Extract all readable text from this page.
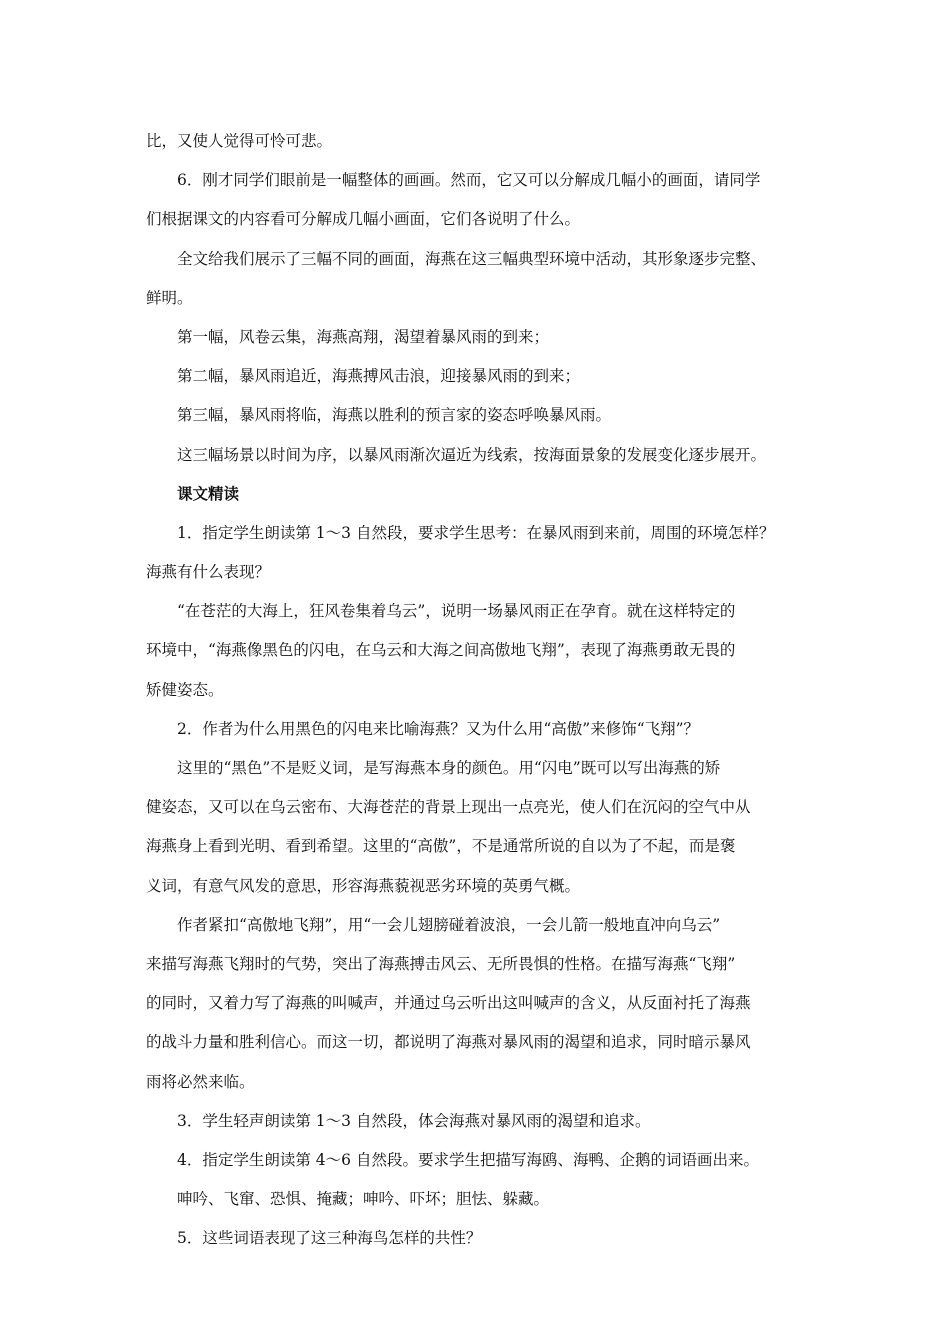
比，又使人觉得可怜可悲。
6．刚才同学们眼前是一幅整体的画画。然而，它又可以分解成几幅小的画面，请同学
们根据课文的内容看可分解成几幅小画面，它们各说明了什么。
全文给我们展示了三幅不同的画面，海燕在这三幅典型环境中活动，其形象逐步完整、
鲜明。
第一幅，风卷云集，海燕高翔，渴望着暴风雨的到来；
第二幅，暴风雨追近，海燕搏风击浪，迎接暴风雨的到来；
第三幅，暴风雨将临，海燕以胜利的预言家的姿态呼唤暴风雨。
这三幅场景以时间为序，以暴风雨渐次逼近为线索，按海面景象的发展变化逐步展开。
课文精读
1．指定学生朗读第 1～3 自然段，要求学生思考：在暴风雨到来前，周围的环境怎样？
海燕有什么表现？
“在苍茫的大海上，狂风卷集着乌云”，说明一场暴风雨正在孕育。就在这样特定的
环境中，“海燕像黑色的闪电，在乌云和大海之间高傲地飞翔”，表现了海燕勇敢无畏的
矫健姿态。
2．作者为什么用黑色的闪电来比喻海燕？又为什么用“高傲”来修饰“飞翔”？
这里的“黑色”不是贬义词，是写海燕本身的颜色。用“闪电”既可以写出海燕的矫
健姿态，又可以在乌云密布、大海苍茫的背景上现出一点亮光，使人们在沉闷的空气中从
海燕身上看到光明、看到希望。这里的“高傲”，不是通常所说的自以为了不起，而是褒
义词，有意气风发的意思，形容海燕藐视恶劣环境的英勇气概。
作者紧扣“高傲地飞翔”，用“一会儿翅膀碰着波浪，一会儿箭一般地直冲向乌云”
来描写海燕飞翔时的气势，突出了海燕搏击风云、无所畏惧的性格。在描写海燕“飞翔”
的同时，又着力写了海燕的叫喊声，并通过乌云听出这叫喊声的含义，从反面衬托了海燕
的战斗力量和胜利信心。而这一切，都说明了海燕对暴风雨的渴望和追求，同时暗示暴风
雨将必然来临。
3．学生轻声朗读第 1～3 自然段，体会海燕对暴风雨的渴望和追求。
4．指定学生朗读第 4～6 自然段。要求学生把描写海鸥、海鸭、企鹅的词语画出来。
呻吟、飞窜、恐惧、掩藏；呻吟、吓坏；胆怯、躲藏。
5．这些词语表现了这三种海鸟怎样的共性？
